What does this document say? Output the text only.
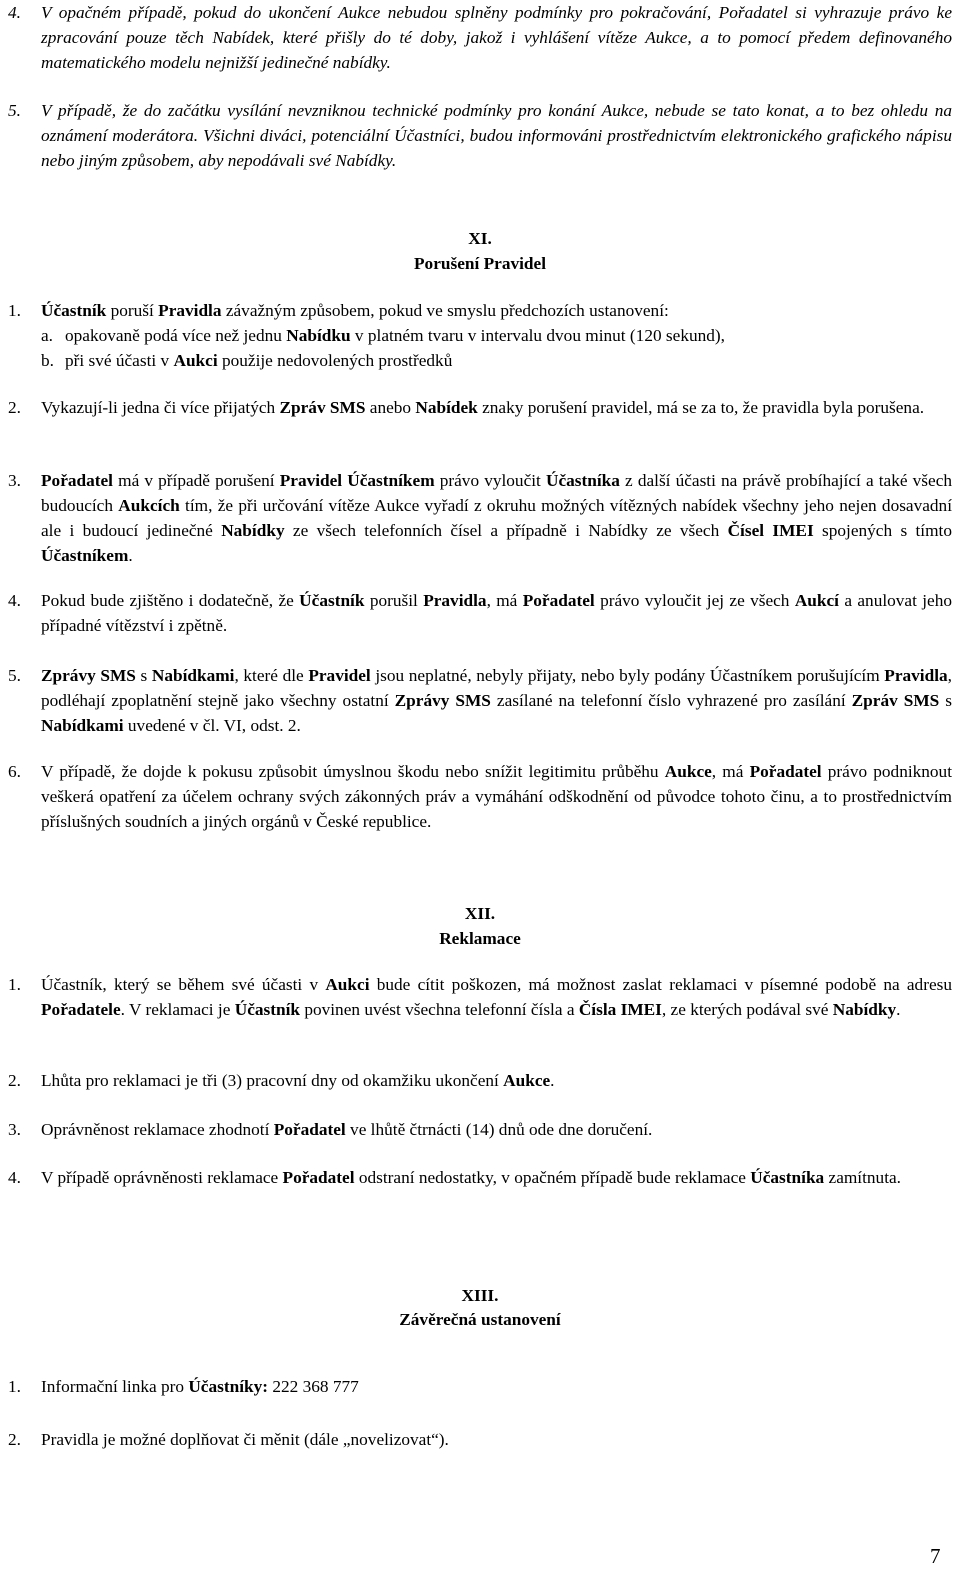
4. V opačném případě, pokud do ukončení Aukce nebudou splněny podmínky pro pokračování, Pořadatel si vyhrazuje právo ke zpracování pouze těch Nabídek, které přišly do té doby, jakož i vyhlášení vítěze Aukce, a to pomocí předem definovaného matematického modelu nejnižší jedinečné nabídky.
5. V případě, že do začátku vysílání nevzniknou technické podmínky pro konání Aukce, nebude se tato konat, a to bez ohledu na oznámení moderátora. Všichni diváci, potenciální Účastníci, budou informováni prostřednictvím elektronického grafického nápisu nebo jiným způsobem, aby nepodávali své Nabídky.
XI.
Porušení Pravidel
1. Účastník poruší Pravidla závažným způsobem, pokud ve smyslu předchozích ustanovení:
a. opakovaně podá více než jednu Nabídku v platném tvaru v intervalu dvou minut (120 sekund),
b. při své účasti v Aukci použije nedovolených prostředků
2. Vykazují-li jedna či více přijatých Zpráv SMS anebo Nabídek znaky porušení pravidel, má se za to, že pravidla byla porušena.
3. Pořadatel má v případě porušení Pravidel Účastníkem právo vyloučit Účastníka z další účasti na právě probíhající a také všech budoucích Aukcích tím, že při určování vítěze Aukce vyřadí z okruhu možných vítězných nabídek všechny jeho nejen dosavadní ale i budoucí jedinečné Nabídky ze všech telefonních čísel a případně i Nabídky ze všech Čísel IMEI spojených s tímto Účastníkem.
4. Pokud bude zjištěno i dodatečně, že Účastník porušil Pravidla, má Pořadatel právo vyloučit jej ze všech Aukcí a anulovat jeho případné vítězství i zpětně.
5. Zprávy SMS s Nabídkami, které dle Pravidel jsou neplatné, nebyly přijaty, nebo byly podány Účastníkem porušujícím Pravidla, podléhají zpoplatnění stejně jako všechny ostatní Zprávy SMS zasílané na telefonní číslo vyhrazené pro zasílání Zpráv SMS s Nabídkami uvedené v čl. VI, odst. 2.
6. V případě, že dojde k pokusu způsobit úmyslnou škodu nebo snížit legitimitu průběhu Aukce, má Pořadatel právo podniknout veškerá opatření za účelem ochrany svých zákonných práv a vymáhání odškodnění od původce tohoto činu, a to prostřednictvím příslušných soudních a jiných orgánů v České republice.
XII.
Reklamace
1. Účastník, který se během své účasti v Aukci bude cítit poškozen, má možnost zaslat reklamaci v písemné podobě na adresu Pořadatele. V reklamaci je Účastník povinen uvést všechna telefonní čísla a Čísla IMEI, ze kterých podával své Nabídky.
2. Lhůta pro reklamaci je tři (3) pracovní dny od okamžiku ukončení Aukce.
3. Oprávněnost reklamace zhodnotí Pořadatel ve lhůtě čtrnácti (14) dnů ode dne doručení.
4. V případě oprávněnosti reklamace Pořadatel odstraní nedostatky, v opačném případě bude reklamace Účastníka zamítnuta.
XIII.
Závěrečná ustanovení
1. Informační linka pro Účastníky: 222 368 777
2. Pravidla je možné doplňovat či měnit (dále „novelizovat“).
7
